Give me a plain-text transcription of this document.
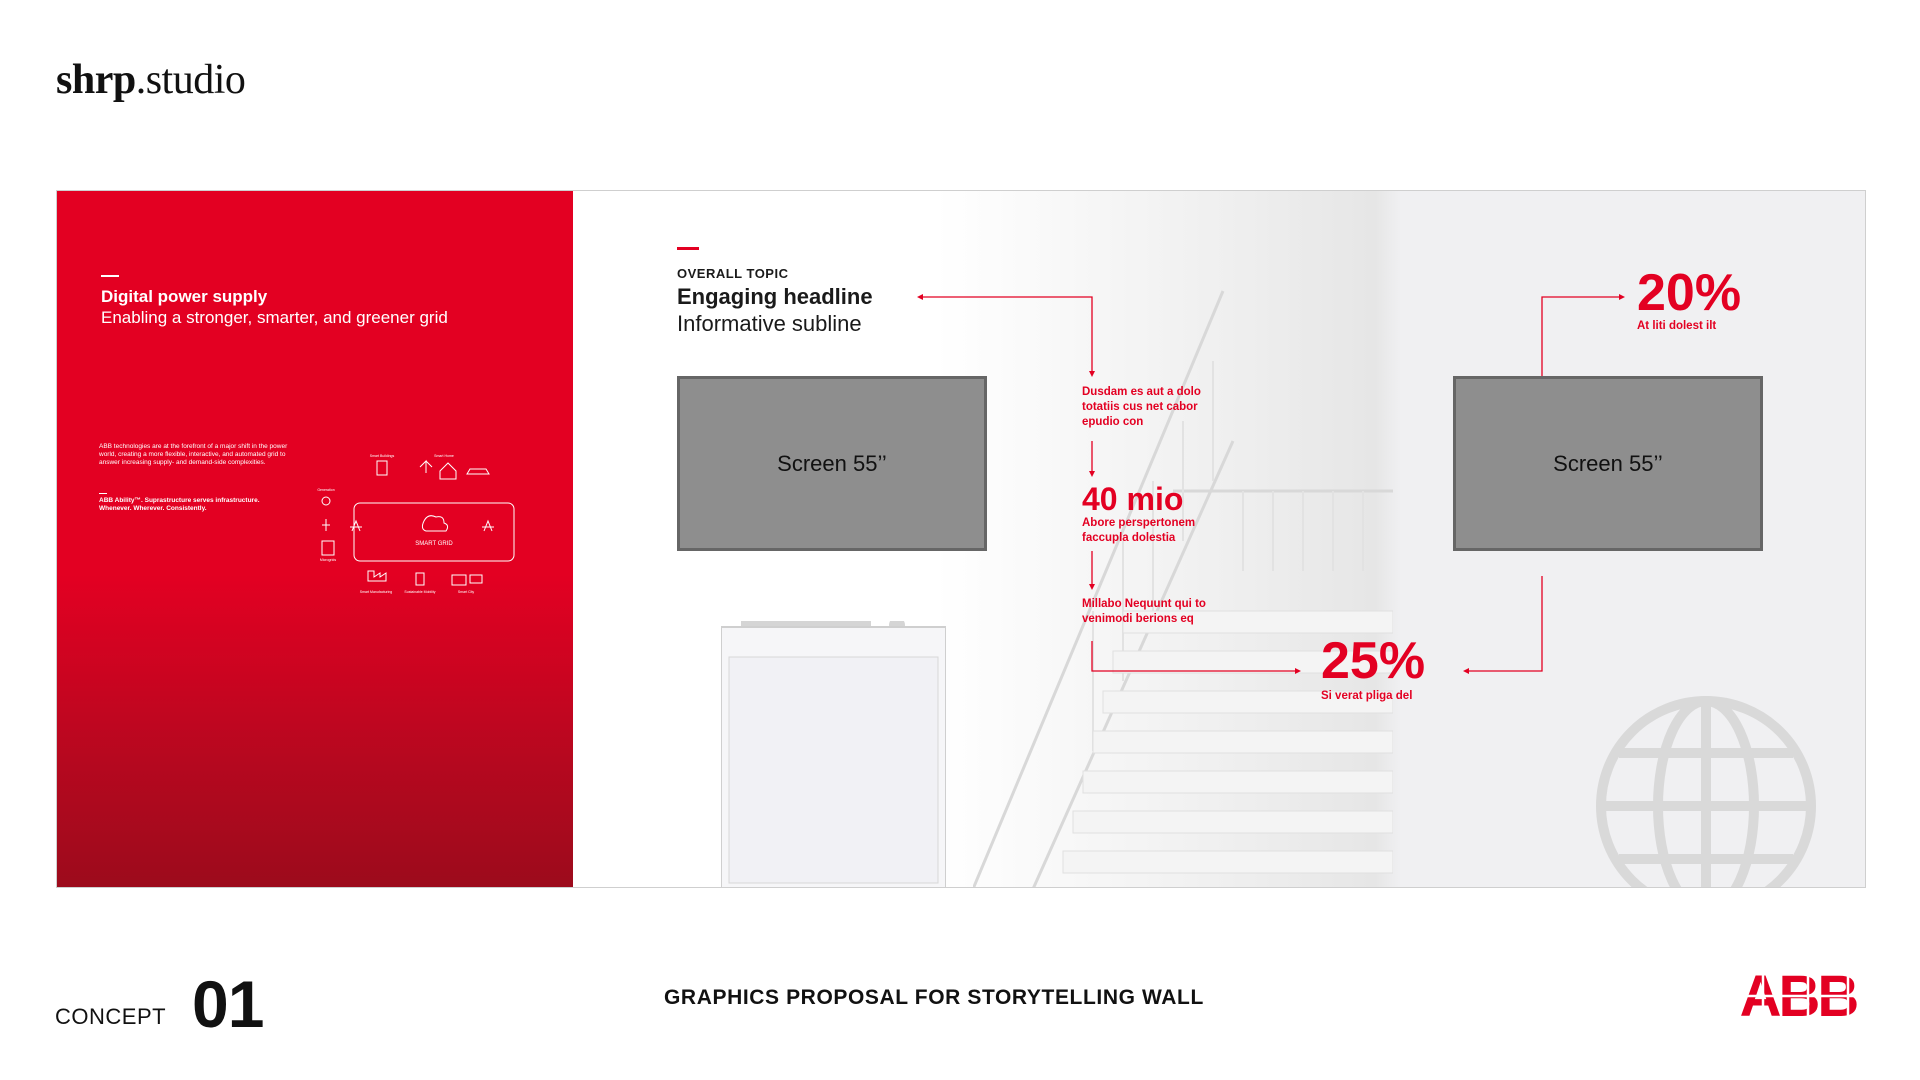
shrp.studio
Digital power supply
Enabling a stronger, smarter, and greener grid
ABB technologies are at the forefront of a major shift in the power world, creating a more flexible, interactive, and automated grid to answer increasing supply- and demand-side complexities.
ABB Ability™. Suprastructure serves infrastructure. Whenever. Wherever. Consistently.
SMART GRID
Smart Buildings	Smart Home
Generation
Microgrids
Smart Manufacturing	Sustainable Mobility	Smart City
OVERALL TOPIC
Engaging headline
Informative subline
Screen 55’’	Screen 55’’
Dusdam es aut a dolo totatiis cus net cabor epudio con
40 mio
Abore perspertonem faccupla dolestia
Millabo Nequunt qui to venimodi berions eq
25%
Si verat pliga del
20%
At liti dolest ilt
CONCEPT 01	GRAPHICS PROPOSAL FOR STORYTELLING WALL	ABB
